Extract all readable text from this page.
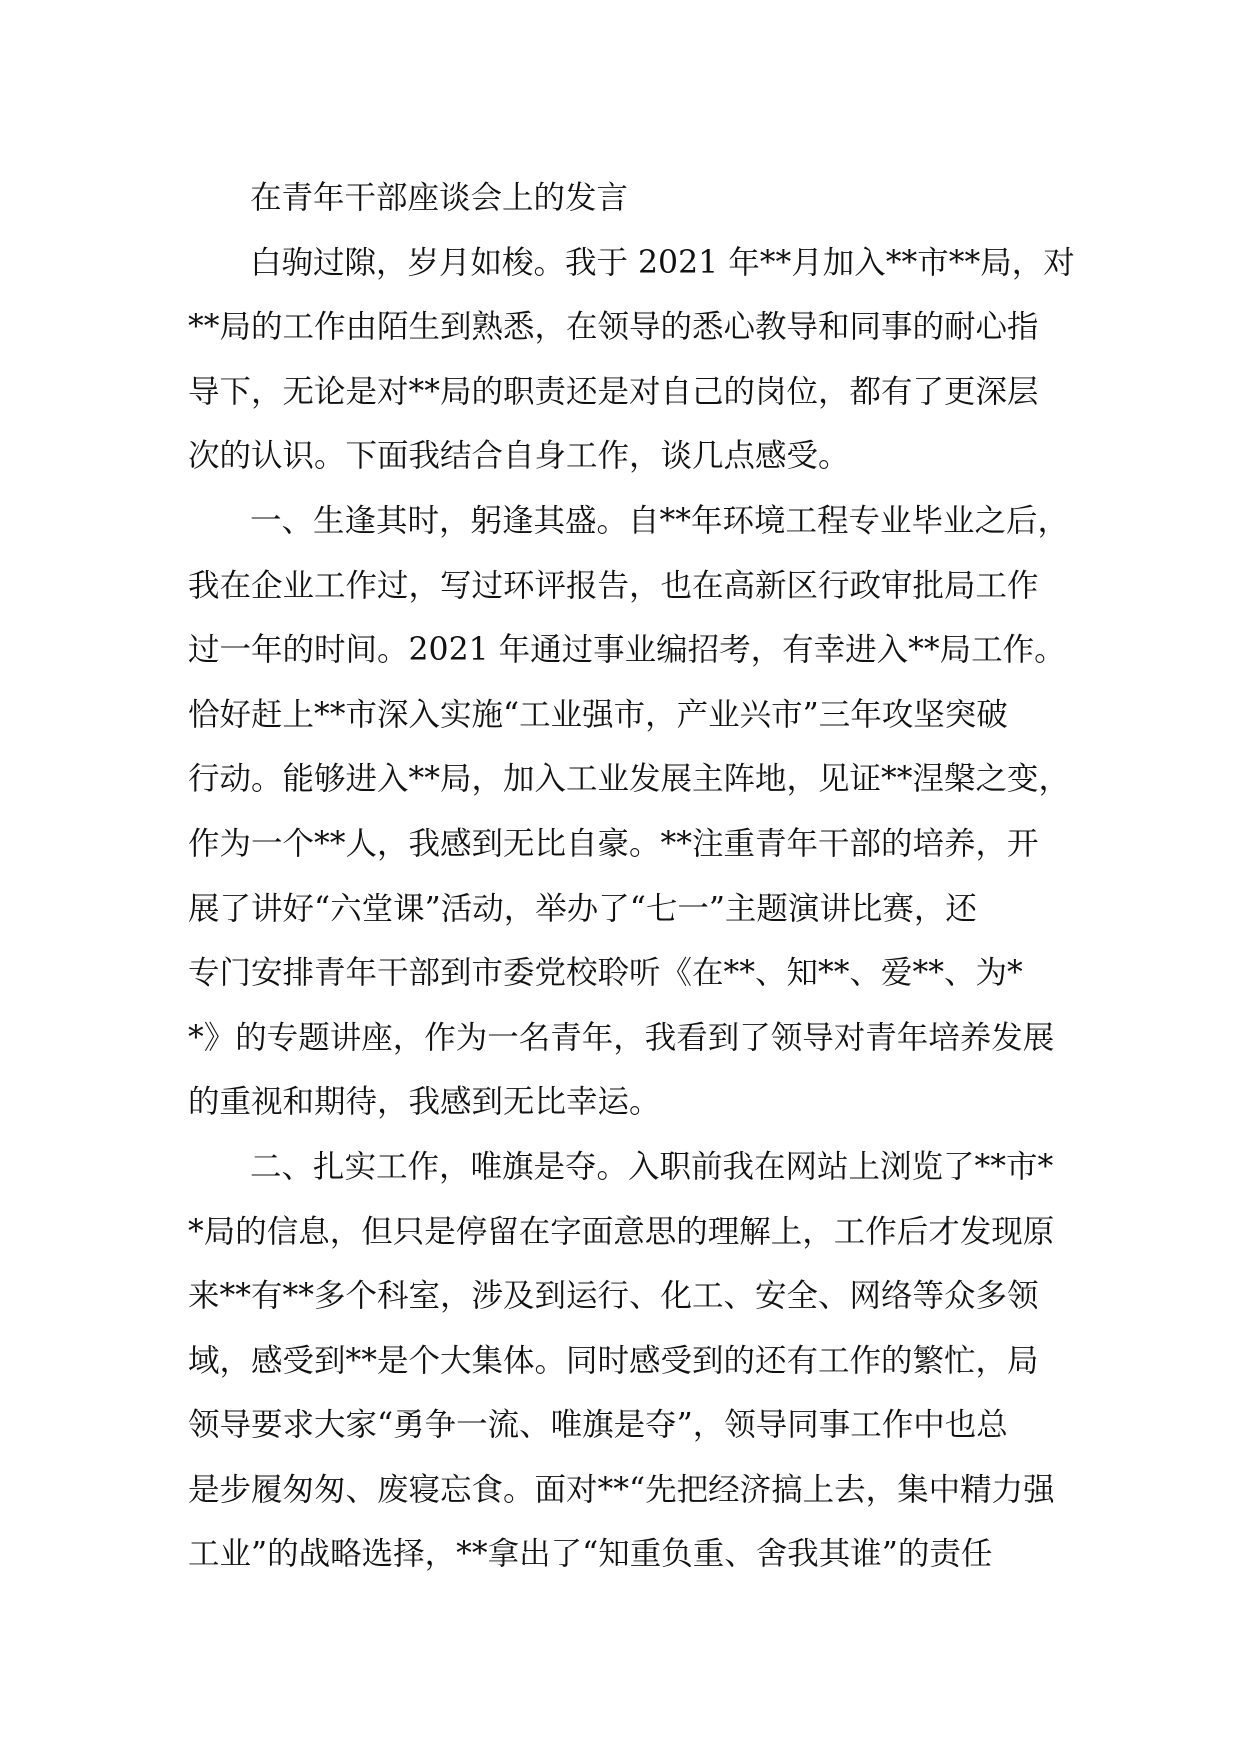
在青年干部座谈会上的发言
白驹过隙，岁月如梭。我于 2021 年**月加入**市**局，对
**局的工作由陌生到熟悉，在领导的悉心教导和同事的耐心指
导下，无论是对**局的职责还是对自己的岗位，都有了更深层
次的认识。下面我结合自身工作，谈几点感受。
一、生逢其时，躬逢其盛。自**年环境工程专业毕业之后，
我在企业工作过，写过环评报告，也在高新区行政审批局工作
过一年的时间。2021 年通过事业编招考，有幸进入**局工作。
恰好赶上**市深入实施“工业强市，产业兴市”三年攻坚突破
行动。能够进入**局，加入工业发展主阵地，见证**涅槃之变，
作为一个**人，我感到无比自豪。**注重青年干部的培养，开
展了讲好“六堂课”活动，举办了“七一”主题演讲比赛，还
专门安排青年干部到市委党校聆听《在**、知**、爱**、为*
*》的专题讲座，作为一名青年，我看到了领导对青年培养发展
的重视和期待，我感到无比幸运。
二、扎实工作，唯旗是夺。入职前我在网站上浏览了**市*
*局的信息，但只是停留在字面意思的理解上，工作后才发现原
来**有**多个科室，涉及到运行、化工、安全、网络等众多领
域，感受到**是个大集体。同时感受到的还有工作的繁忙，局
领导要求大家“勇争一流、唯旗是夺”，领导同事工作中也总
是步履匆匆、废寝忘食。面对**“先把经济搞上去，集中精力强
工业”的战略选择，**拿出了“知重负重、舍我其谁”的责任
